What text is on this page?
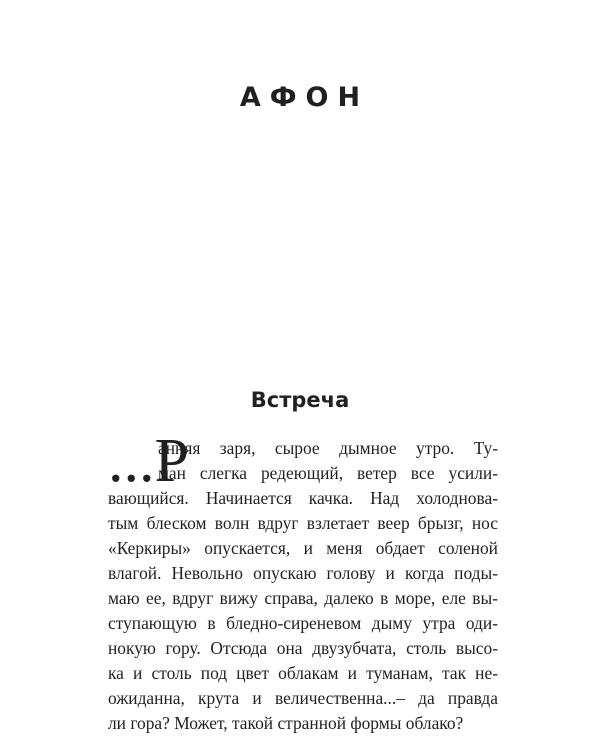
АФОН
Встреча
...Р
анняя заря, сырое дымное утро. Ту-
ман слегка редеющий, ветер все усили-
вающийся. Начинается качка. Над холоднова-
тым блеском волн вдруг взлетает веер брызг, нос
«Керкиры» опускается, и меня обдает соленой
влагой. Невольно опускаю голову и когда поды-
маю ее, вдруг вижу справа, далеко в море, еле вы-
ступающую в бледно-сиреневом дыму утра оди-
нокую гору. Отсюда она двузубчата, столь высо-
ка и столь под цвет облакам и туманам, так не-
ожиданна, крута и величественна...– да правда
ли гора? Может, такой странной формы облако?
